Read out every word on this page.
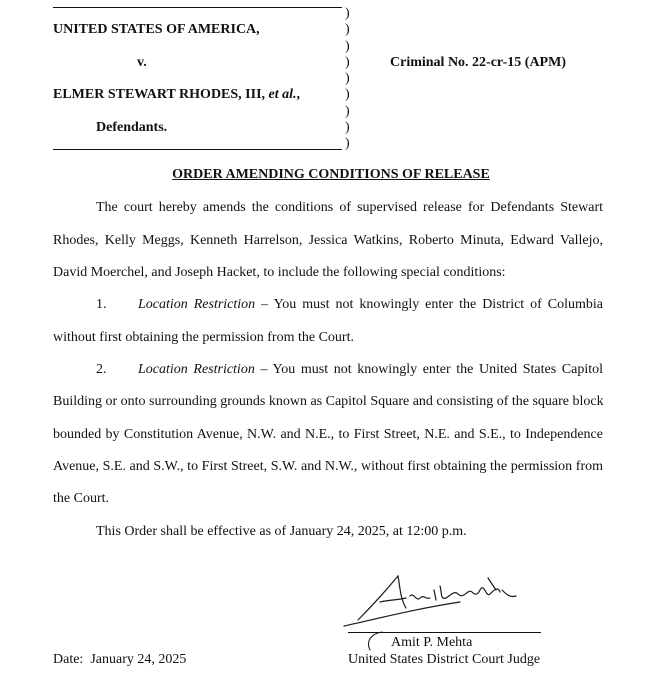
UNITED STATES OF AMERICA,
v.
ELMER STEWART RHODES, III, et al.,
Defendants.
)
)
)
)
)
)
)
)
)
Criminal No. 22-cr-15 (APM)
ORDER AMENDING CONDITIONS OF RELEASE
The court hereby amends the conditions of supervised release for Defendants Stewart
Rhodes, Kelly Meggs, Kenneth Harrelson, Jessica Watkins, Roberto Minuta, Edward Vallejo,
David Moerchel, and Joseph Hacket, to include the following special conditions:
1. Location Restriction – You must not knowingly enter the District of Columbia
without first obtaining the permission from the Court.
2. Location Restriction – You must not knowingly enter the United States Capitol
Building or onto surrounding grounds known as Capitol Square and consisting of the square block
bounded by Constitution Avenue, N.W. and N.E., to First Street, N.E. and S.E., to Independence
Avenue, S.E. and S.W., to First Street, S.W. and N.W., without first obtaining the permission from
the Court.
This Order shall be effective as of January 24, 2025, at 12:00 p.m.
Amit P. Mehta
United States District Court Judge
Date:  January 24, 2025
